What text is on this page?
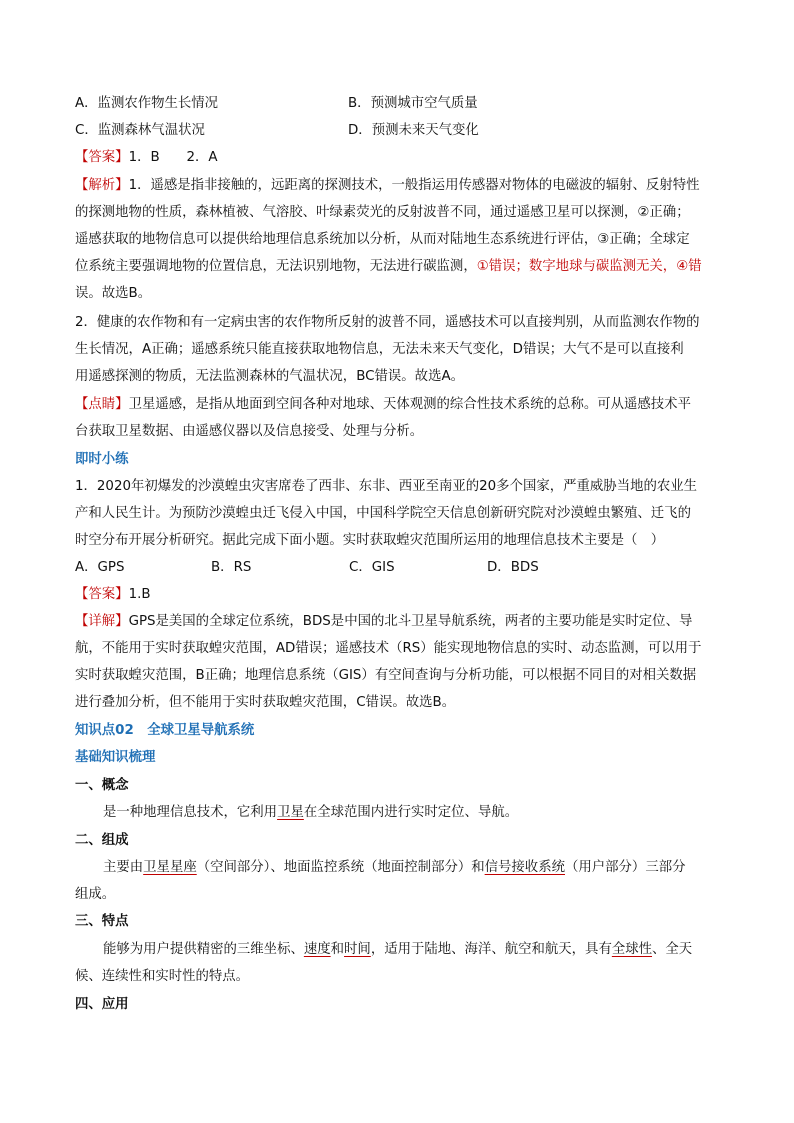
A．监测农作物生长情况	B．预测城市空气质量
C．监测森林气温状况	D．预测未来天气变化
【答案】1．B　　2．A
【解析】1．遥感是指非接触的，远距离的探测技术，一般指运用传感器对物体的电磁波的辐射、反射特性
的探测地物的性质，森林植被、气溶胶、叶绿素荧光的反射波普不同，通过遥感卫星可以探测，②正确；
遥感获取的地物信息可以提供给地理信息系统加以分析，从而对陆地生态系统进行评估，③正确；全球定
位系统主要强调地物的位置信息，无法识别地物，无法进行碳监测，①错误；数字地球与碳监测无关，④错
误。故选B。
2．健康的农作物和有一定病虫害的农作物所反射的波普不同，遥感技术可以直接判别，从而监测农作物的
生长情况，A正确；遥感系统只能直接获取地物信息，无法未来天气变化，D错误；大气不是可以直接利
用遥感探测的物质，无法监测森林的气温状况，BC错误。故选A。
【点睛】卫星遥感，是指从地面到空间各种对地球、天体观测的综合性技术系统的总称。可从遥感技术平
台获取卫星数据、由遥感仪器以及信息接受、处理与分析。
即时小练
1．2020年初爆发的沙漠蝗虫灾害席卷了西非、东非、西亚至南亚的20多个国家，严重威胁当地的农业生
产和人民生计。为预防沙漠蝗虫迁飞侵入中国，中国科学院空天信息创新研究院对沙漠蝗虫繁殖、迁飞的
时空分布开展分析研究。据此完成下面小题。实时获取蝗灾范围所运用的地理信息技术主要是（　）
A．GPS	B．RS	C．GIS	D．BDS
【答案】1.B
【详解】GPS是美国的全球定位系统，BDS是中国的北斗卫星导航系统，两者的主要功能是实时定位、导
航，不能用于实时获取蝗灾范围，AD错误；遥感技术（RS）能实现地物信息的实时、动态监测，可以用于
实时获取蝗灾范围，B正确；地理信息系统（GIS）有空间查询与分析功能，可以根据不同目的对相关数据
进行叠加分析，但不能用于实时获取蝗灾范围，C错误。故选B。
知识点02　全球卫星导航系统
基础知识梳理
一、概念
是一种地理信息技术，它利用卫星在全球范围内进行实时定位、导航。
二、组成
主要由卫星星座（空间部分）、地面监控系统（地面控制部分）和信号接收系统（用户部分）三部分
组成。
三、特点
能够为用户提供精密的三维坐标、速度和时间，适用于陆地、海洋、航空和航天，具有全球性、全天
候、连续性和实时性的特点。
四、应用
